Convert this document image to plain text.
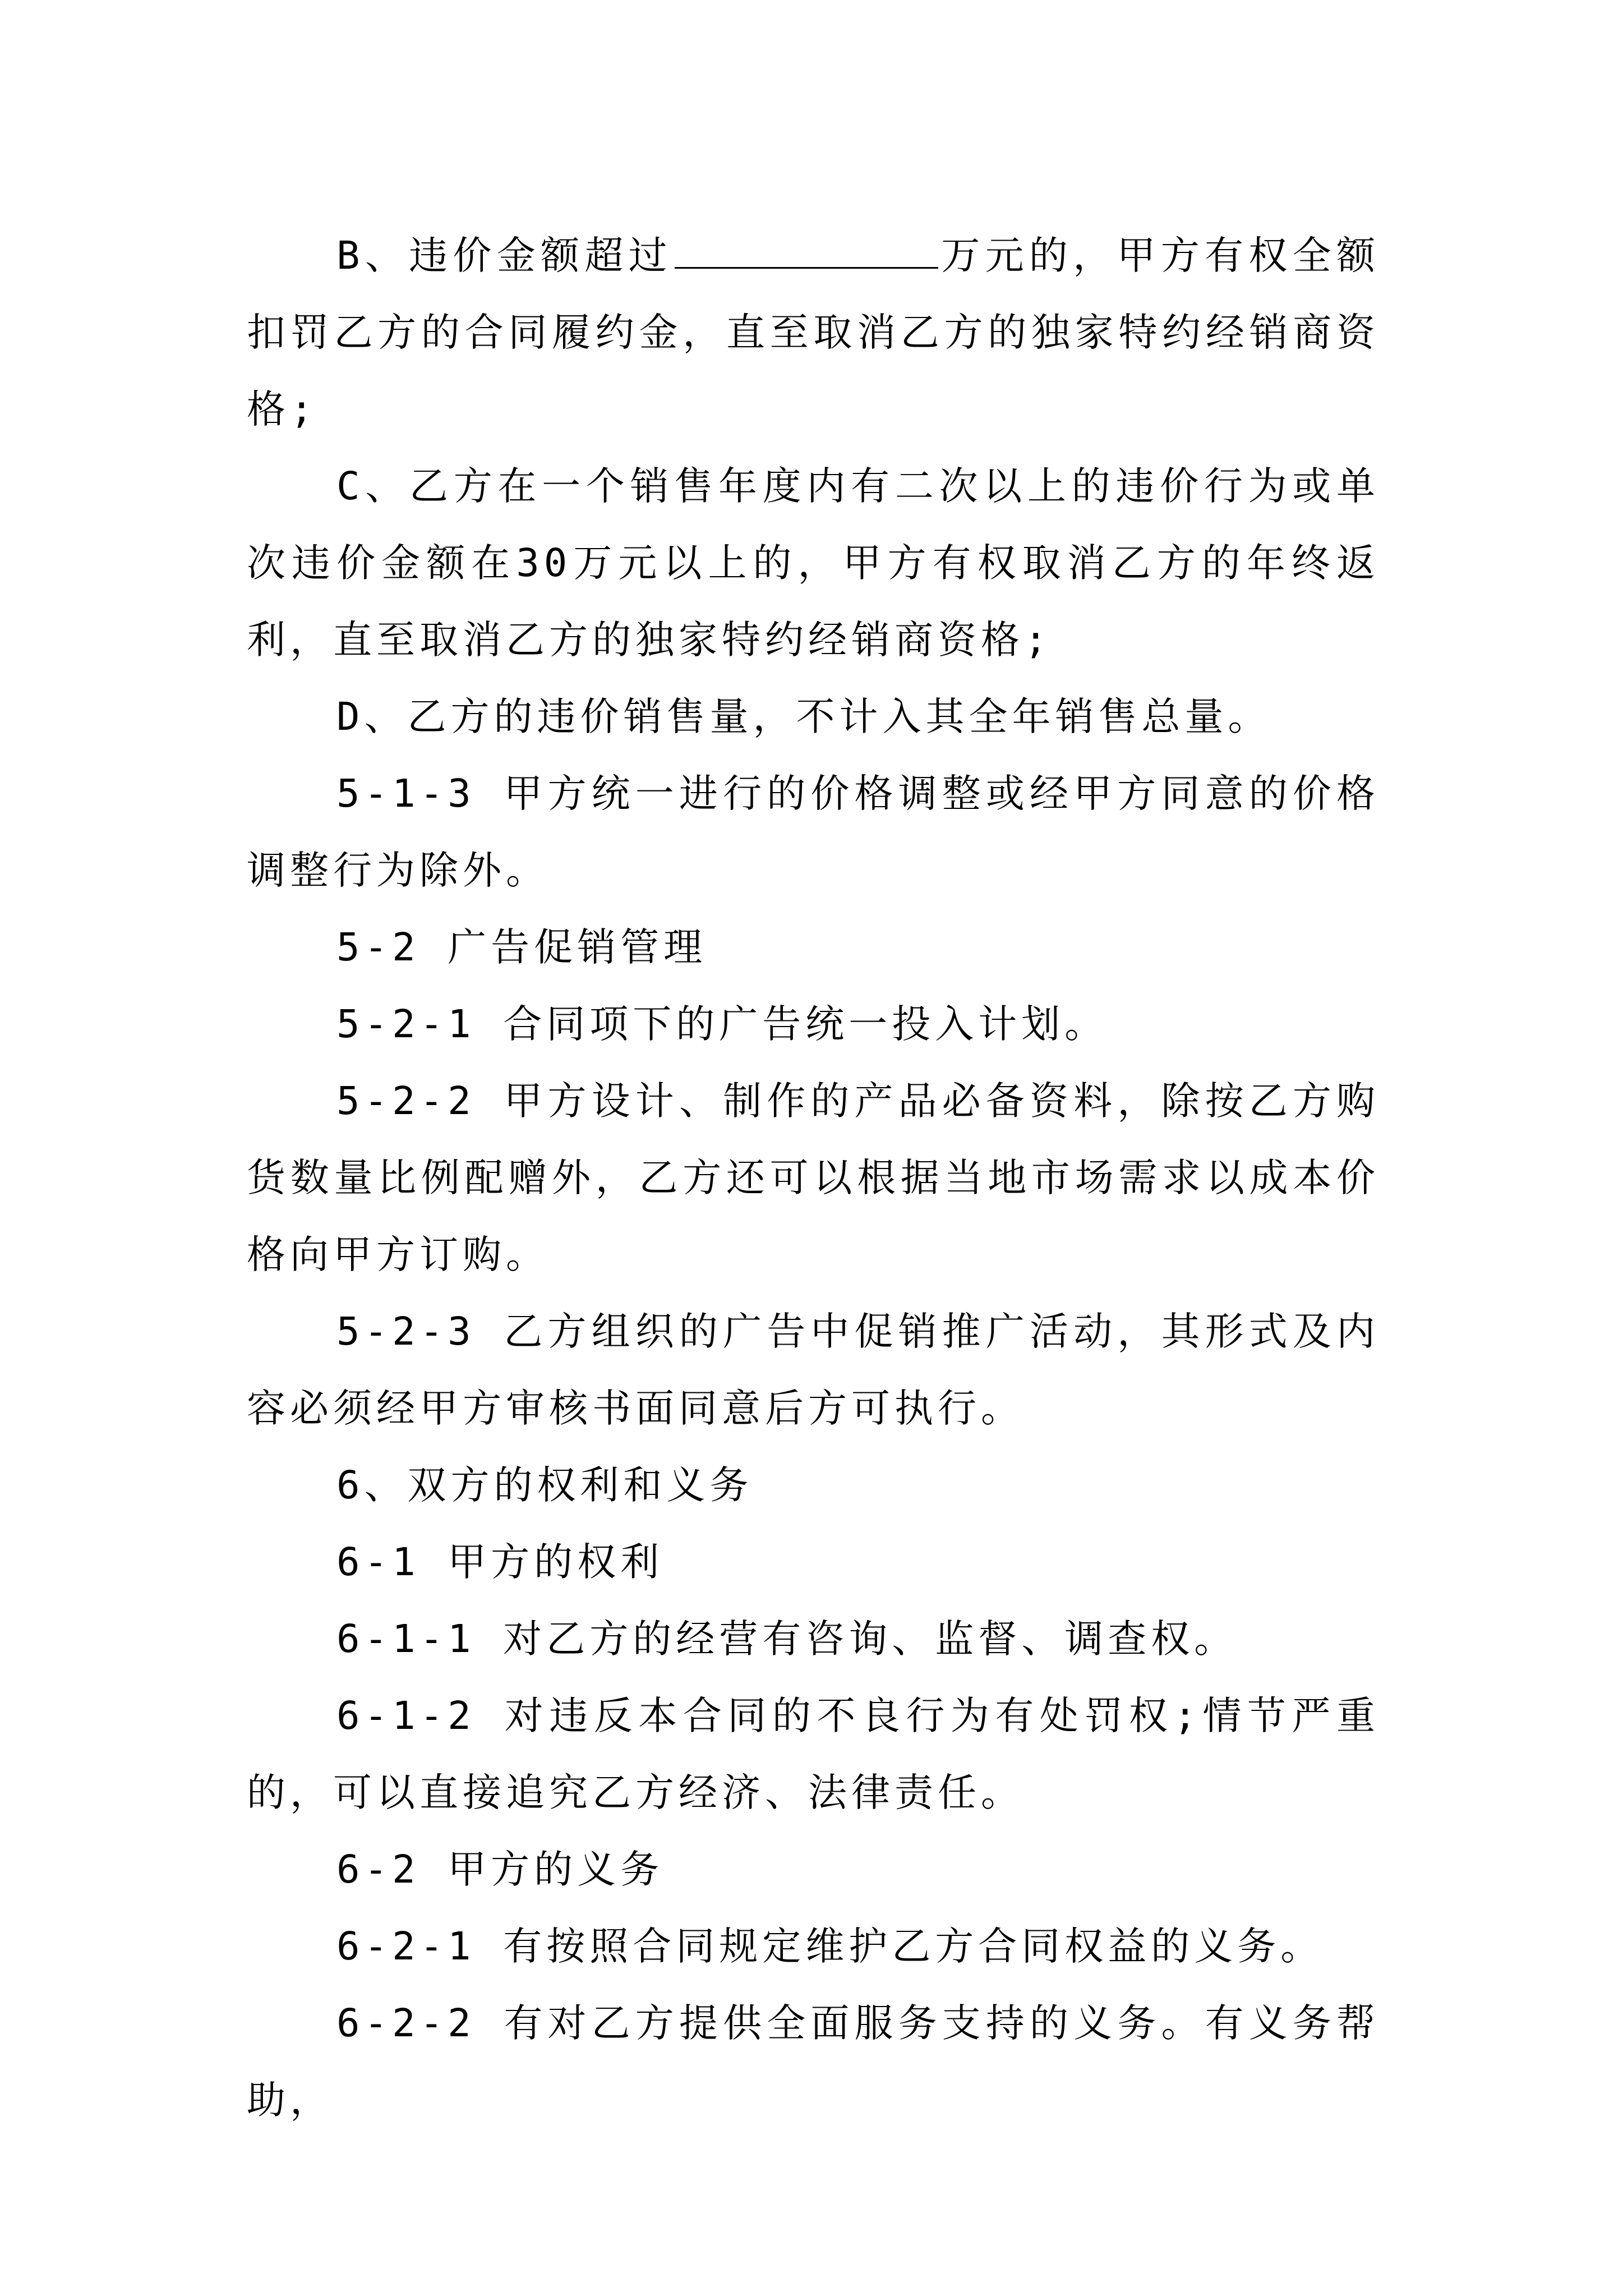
B、违价金额超过	万元的，甲方有权全额扣罚乙方的合同履约金，直至取消乙方的独家特约经销商资格;

C、乙方在一个销售年度内有二次以上的违价行为或单次违价金额在30万元以上的，甲方有权取消乙方的年终返利，直至取消乙方的独家特约经销商资格;

D、乙方的违价销售量，不计入其全年销售总量。

5-1-3 甲方统一进行的价格调整或经甲方同意的价格调整行为除外。

5-2 广告促销管理

5-2-1 合同项下的广告统一投入计划。

5-2-2 甲方设计、制作的产品必备资料，除按乙方购货数量比例配赠外，乙方还可以根据当地市场需求以成本价格向甲方订购。

5-2-3 乙方组织的广告中促销推广活动，其形式及内容必须经甲方审核书面同意后方可执行。

6、双方的权利和义务

6-1 甲方的权利

6-1-1 对乙方的经营有咨询、监督、调查权。

6-1-2 对违反本合同的不良行为有处罚权;情节严重的，可以直接追究乙方经济、法律责任。

6-2 甲方的义务

6-2-1 有按照合同规定维护乙方合同权益的义务。

6-2-2 有对乙方提供全面服务支持的义务。有义务帮助，
